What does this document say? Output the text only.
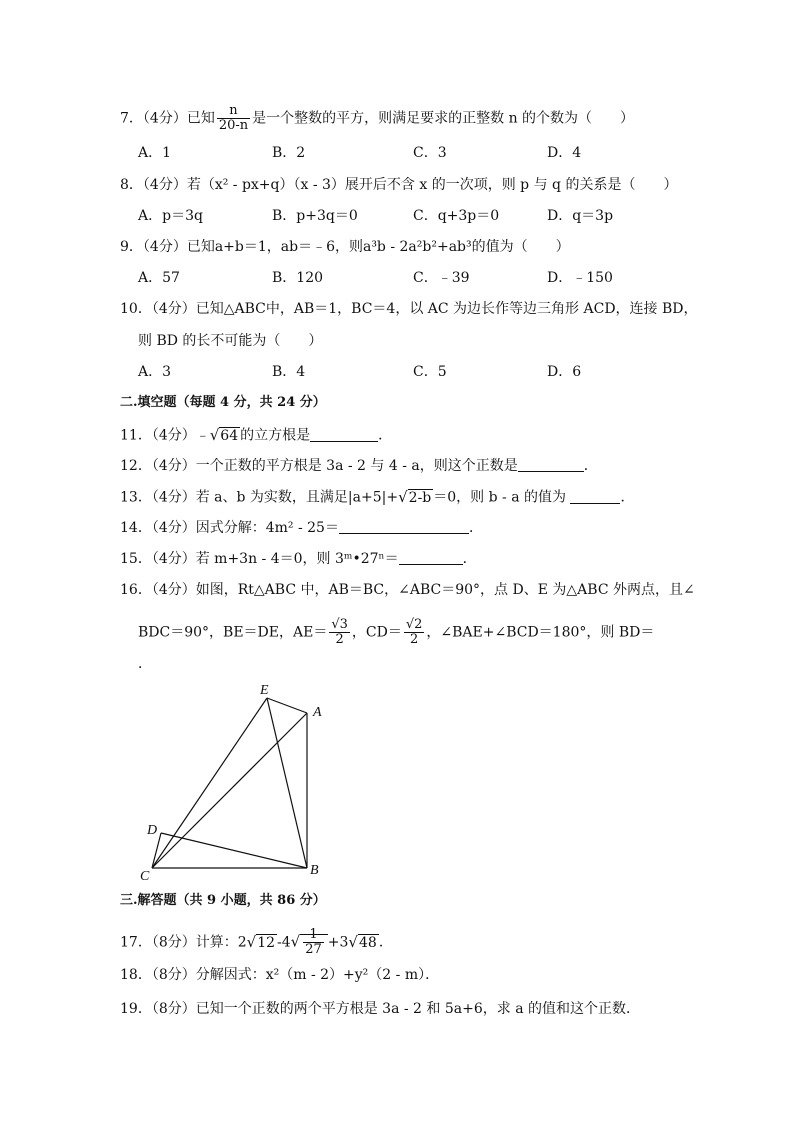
7．（4分）已知 $\frac{n}{20-n}$ 是一个整数的平方，则满足要求的正整数 n 的个数为（　　）
A．1	B．2	C．3	D．4
8．（4分）若（x² - px+q）（x - 3）展开后不含 x 的一次项，则 p 与 q 的关系是（　　）
A．p＝3q	B．p+3q＝0	C．q+3p＝0	D．q＝3p
9．（4分）已知a+b＝1，ab＝﹣6，则a³b - 2a²b²+ab³的值为（　　）
A．57	B．120	C．﹣39	D．﹣150
10．（4分）已知△ABC中，AB＝1，BC＝4，以 AC 为边长作等边三角形 ACD，连接 BD，
则 BD 的长不可能为（　　）
A．3	B．4	C．5	D．6
二.填空题（每题 4 分，共 24 分）
11．（4分）﹣√64 的立方根是	．
12．（4分）一个正数的平方根是 3a - 2 与 4 - a，则这个正数是	．
13．（4分）若 a、b 为实数，且满足|a+5|+√2-b ＝0，则 b - a 的值为	．
14．（4分）因式分解：4m² - 25＝	．
15．（4分）若 m+3n - 4＝0，则 3ᵐ•27ⁿ＝	．
16．（4分）如图，Rt△ABC 中，AB＝BC，∠ABC＝90°，点 D、E 为△ABC 外两点，且∠
BDC＝90°，BE＝DE，$AE= \frac{√3}{2}$ ，$CD= \frac{√2}{2}$ ，∠BAE+∠BCD＝180°，则 BD＝
．
E
A
D
C	B
三.解答题（共 9 小题，共 86 分）
17．（8分）计算：2√12 $-4√ \frac{1}{27} +3√48$ ．
18．（8分）分解因式：x²（m - 2）+y²（2 - m）．
19．（8分）已知一个正数的两个平方根是 3a - 2 和 5a+6，求 a 的值和这个正数．
